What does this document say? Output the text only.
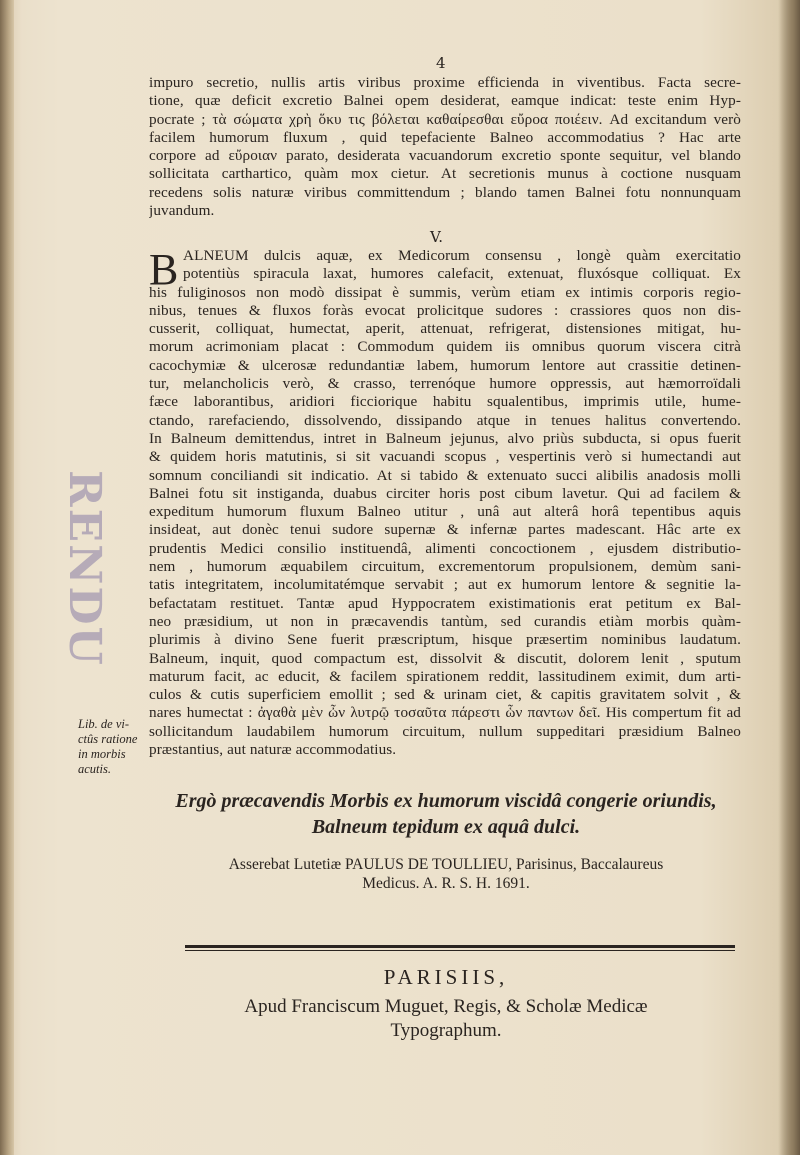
RENDU
4
impuro secretio, nullis artis viribus proxime efficienda in viventibus. Facta secre-
tione, quæ deficit excretio Balnei opem desiderat, eamque indicat: teste enim Hyp-
pocrate ; τὰ σώματα χρὴ ὅκυ τις βόλεται καθαίρεσθαι εὔροα ποιέειν. Ad excitandum verò
facilem humorum fluxum , quid tepefaciente Balneo accommodatius ? Hac arte
corpore ad εὔροιαν parato, desiderata vacuandorum excretio sponte sequitur, vel blando
sollicitata carthartico, quàm mox cietur. At secretionis munus à coctione nusquam
recedens solis naturæ viribus committendum ; blando tamen Balnei fotu nonnunquam
juvandum.
V.
B ALNEUM dulcis aquæ, ex Medicorum consensu , longè quàm exercitatio
potentiùs spiracula laxat, humores calefacit, extenuat, fluxósque colliquat. Ex
his fuliginosos non modò dissipat è summis, verùm etiam ex intimis corporis regio-
nibus, tenues & fluxos foràs evocat prolicitque sudores : crassiores quos non dis-
cusserit, colliquat, humectat, aperit, attenuat, refrigerat, distensiones mitigat, hu-
morum acrimoniam placat : Commodum quidem iis omnibus quorum viscera citrà
cacochymiæ & ulcerosæ redundantiæ labem, humorum lentore aut crassitie detinen-
tur, melancholicis verò, & crasso, terrenóque humore oppressis, aut hæmorroïdali
fæce laborantibus, aridiori ficciorique habitu squalentibus, imprimis utile, hume-
ctando, rarefaciendo, dissolvendo, dissipando atque in tenues halitus convertendo.
In Balneum demittendus, intret in Balneum jejunus, alvo priùs subducta, si opus fuerit
& quidem horis matutinis, si sit vacuandi scopus , vespertinis verò si humectandi aut
somnum conciliandi sit indicatio. At si tabido & extenuato succi alibilis anadosis molli
Balnei fotu sit instiganda, duabus circiter horis post cibum lavetur. Qui ad facilem &
expeditum humorum fluxum Balneo utitur , unâ aut alterâ horâ tepentibus aquis
insideat, aut donèc tenui sudore supernæ & infernæ partes madescant. Hâc arte ex
prudentis Medici consilio instituendâ, alimenti concoctionem , ejusdem distributio-
nem , humorum æquabilem circuitum, excrementorum propulsionem, demùm sani-
tatis integritatem, incolumitatémque servabit ; aut ex humorum lentore & segnitie la-
befactatam restituet. Tantæ apud Hyppocratem existimationis erat petitum ex Bal-
neo præsidium, ut non in præcavendis tantùm, sed curandis etiàm morbis quàm-
plurimis à divino Sene fuerit præscriptum, hisque præsertim nominibus laudatum.
Balneum, inquit, quod compactum est, dissolvit & discutit, dolorem lenit , sputum
maturum facit, ac educit, & facilem spirationem reddit, lassitudinem eximit, dum arti-
culos & cutis superficiem emollit ; sed & urinam ciet, & capitis gravitatem solvit , &
nares humectat : ἀγαθὰ μὲν ὦν λυτρῷ τοσαῦτα πάρεστι ὧν παντων δεῖ. His compertum fit ad
sollicitandum laudabilem humorum circuitum, nullum suppeditari præsidium Balneo
præstantius, aut naturæ accommodatius.
Lib. de vi-
ctûs ratione
in morbis
acutis.
Ergò præcavendis Morbis ex humorum viscidâ congerie oriundis,
Balneum tepidum ex aquâ dulci.
Asserebat Lutetiæ PAULUS DE TOULLIEU, Parisinus, Baccalaureus
Medicus. A. R. S. H. 1691.
PARISIIS,
Apud Franciscum Muguet, Regis, & Scholæ Medicæ
Typographum.
